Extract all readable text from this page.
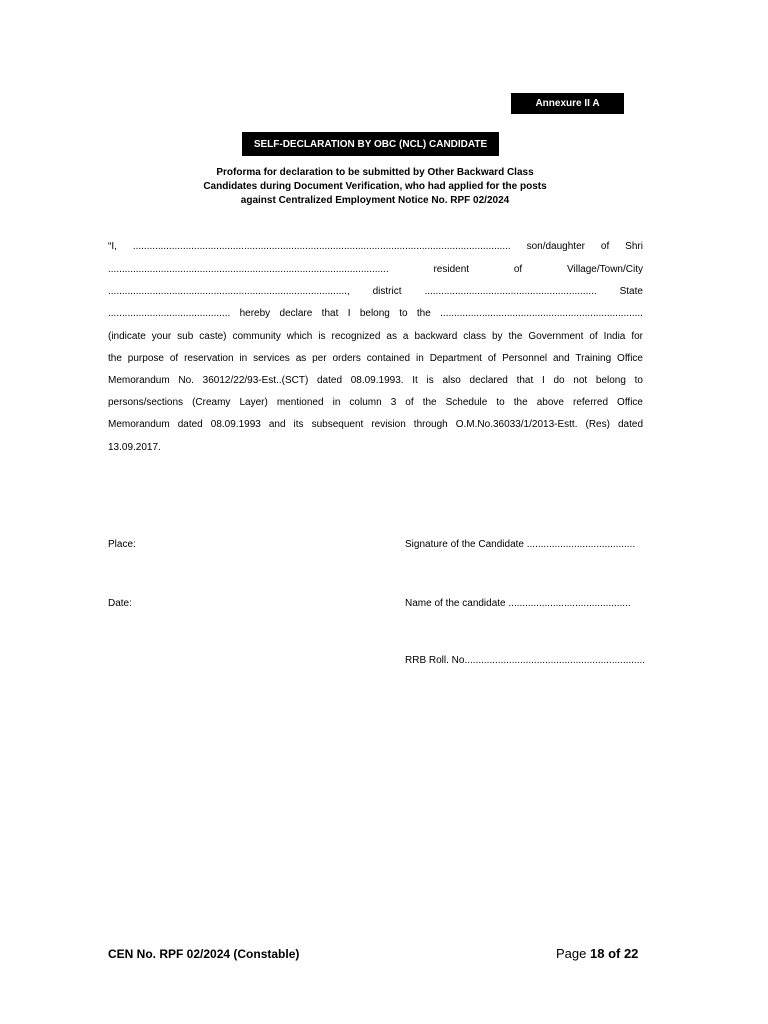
Annexure II A
SELF-DECLARATION BY OBC (NCL) CANDIDATE
Proforma for declaration to be submitted by Other Backward Class
Candidates during Document Verification, who had applied for the posts
against Centralized Employment Notice No. RPF 02/2024
“I, ........................................................................................................................................ son/daughter of Shri
.....................................................................................................	resident	of	Village/Town/City
......................................................................................, district .............................................................. State
............................................ hereby declare that I belong to the .........................................................................
(indicate your sub caste) community which is recognized as a backward class by the Government of India for
the purpose of reservation in services as per orders contained in Department of Personnel and Training Office
Memorandum No. 36012/22/93-Est..(SCT) dated 08.09.1993. It is also declared that I do not belong to
persons/sections (Creamy Layer) mentioned in column 3 of the Schedule to the above referred Office
Memorandum dated 08.09.1993 and its subsequent revision through O.M.No.36033/1/2013-Estt. (Res) dated
13.09.2017.
Place:	Signature of the Candidate .......................................
Date:	Name of the candidate ............................................
RRB Roll. No.................................................................
CEN No. RPF 02/2024 (Constable)	Page 18 of 22
